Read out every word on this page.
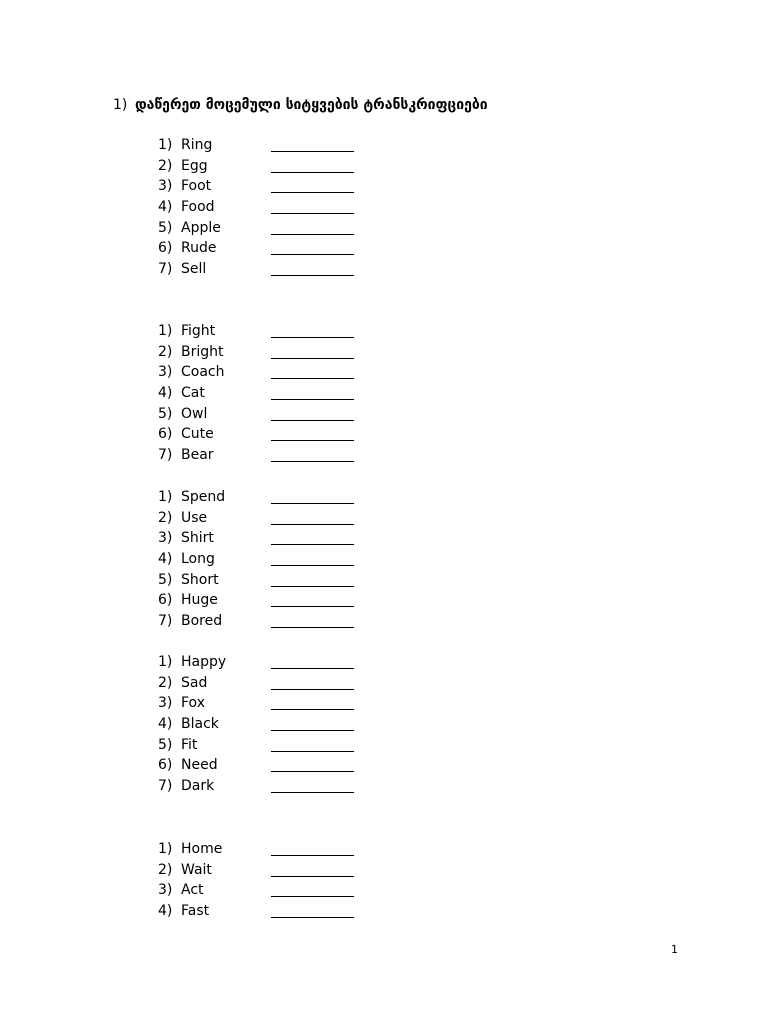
1) დაწერეთ მოცემული სიტყვების ტრანსკრიფციები
1) Ring
2) Egg
3) Foot
4) Food
5) Apple
6) Rude
7) Sell
1) Fight
2) Bright
3) Coach
4) Cat
5) Owl
6) Cute
7) Bear
1) Spend
2) Use
3) Shirt
4) Long
5) Short
6) Huge
7) Bored
1) Happy
2) Sad
3) Fox
4) Black
5) Fit
6) Need
7) Dark
1) Home
2) Wait
3) Act
4) Fast
1
